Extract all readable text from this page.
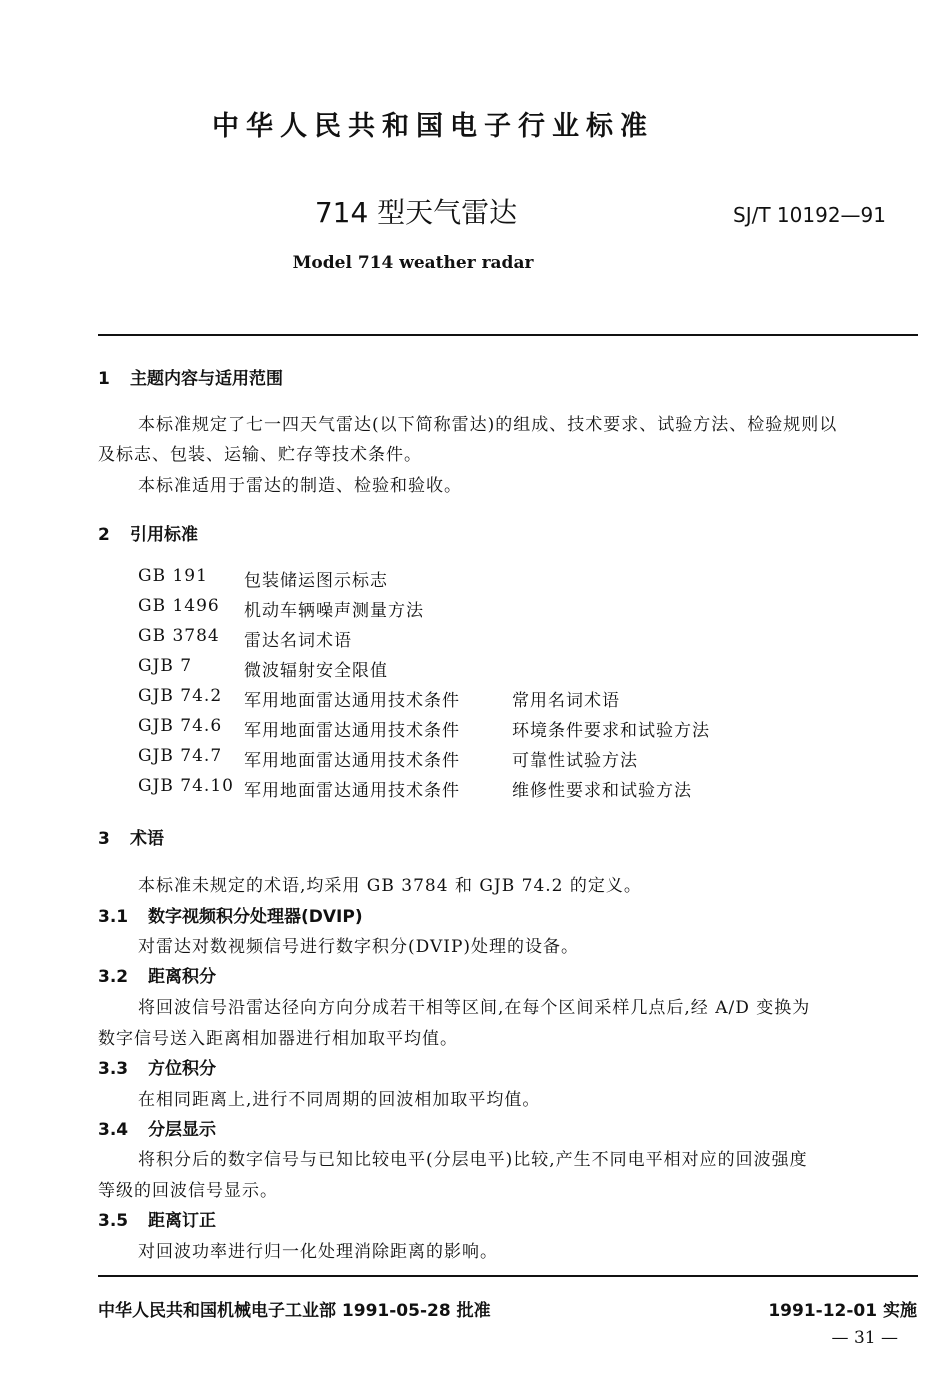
中华人民共和国电子行业标准
714 型天气雷达	SJ/T 10192—91
Model 714 weather radar
1 主题内容与适用范围
本标准规定了七一四天气雷达(以下简称雷达)的组成、技术要求、试验方法、检验规则以
及标志、包装、运输、贮存等技术条件。
本标准适用于雷达的制造、检验和验收。
2 引用标准
GB 191 包装储运图示标志
GB 1496 机动车辆噪声测量方法
GB 3784 雷达名词术语
GJB 7	微波辐射安全限值
GJB 74.2 军用地面雷达通用技术条件	常用名词术语
GJB 74.6 军用地面雷达通用技术条件	环境条件要求和试验方法
GJB 74.7 军用地面雷达通用技术条件	可靠性试验方法
GJB 74.10 军用地面雷达通用技术条件	维修性要求和试验方法
3 术语
本标准未规定的术语,均采用 GB 3784 和 GJB 74.2 的定义。
3.1 数字视频积分处理器(DVIP)
对雷达对数视频信号进行数字积分(DVIP)处理的设备。
3.2 距离积分
将回波信号沿雷达径向方向分成若干相等区间,在每个区间采样几点后,经 A/D 变换为
数字信号送入距离相加器进行相加取平均值。
3.3 方位积分
在相同距离上,进行不同周期的回波相加取平均值。
3.4 分层显示
将积分后的数字信号与已知比较电平(分层电平)比较,产生不同电平相对应的回波强度
等级的回波信号显示。
3.5 距离订正
对回波功率进行归一化处理消除距离的影响。
中华人民共和国机械电子工业部 1991-05-28 批准	1991-12-01 实施
— 31 —
